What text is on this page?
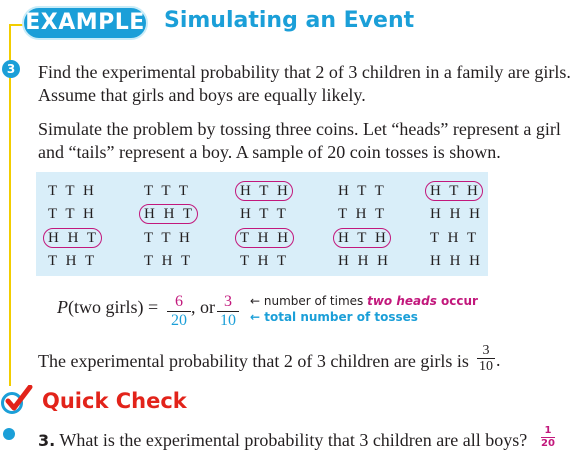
EXAMPLE Simulating an Event
3 Find the experimental probability that 2 of 3 children in a family are girls.

Assume that girls and boys are equally likely.

Simulate the problem by tossing three coins. Let “heads” represent a girl

and “tails” represent a boy. A sample of 20 coin tosses is shown.

T T H	T T T	H T H	H T T	H T H
T T H	H H T	H T T	T H T	H H H
H H T	T T H	T H H	H T H	T H T
T H T	T H T	T H T	H H H	H H H
P(two girls) = $\frac{6}{20}$ , or $\frac{3}{10}$ ← number of times two heads occur
← total number of tosses

The experimental probability that 2 of 3 children are girls is $\frac{3}{10}$ .
Quick Check
3. What is the experimental probability that 3 children are all boys? $\frac{1}{20}$
